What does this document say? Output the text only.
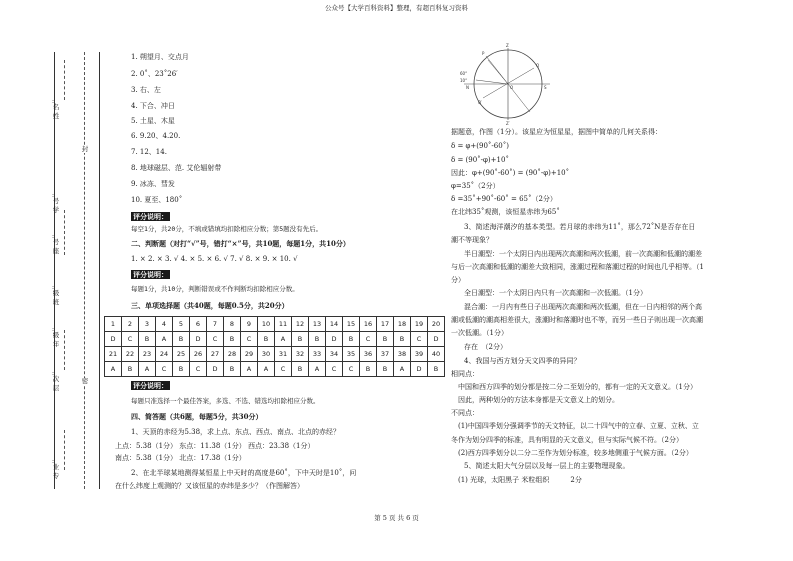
公众号【大学百科资料】整理，有超百科复习资料
第 5 页 共 6 页
:
名
姓
:
号
学
:
号
座
:
级
班
:
级
年
:
次
层
:
业
专
封
密
1. 朔望月、交点月
2. 0˚、23˚26′
3. 右、左
4. 下合、冲日
5. 土星、木星
6. 9.20、4.20.
7. 12、14.
8. 地球磁层、范. 艾伦辐射带
9. 冰冻、彗发
10. 夏至、180˚
评分说明：
每空1分，共20分，不填或错填均扣除相应分数；第5题没有先后。
二、判断题（对打“√”号，错打“×”号，共10题，每题1分，共10分）
1. × 2. × 3. √ 4. × 5. × 6. √ 7. √ 8. × 9. × 10. √
评分说明：
每题1分，共10分，判断错误或不作判断均扣除相应分数。
三、单项选择题（共40题，每题0.5分，共20分）
1	2	3	4	5	6	7	8	9	10	11	12	13	14	15	16	17	18	19	20
D	C	B	A	B	D	C	B	C	B	A	B	B	D	B	C	B	B	C	D
21	22	23	24	25	26	27	28	29	30	31	32	33	34	35	36	37	38	39	40
A	B	A	C	B	C	D	B	A	A	C	B	A	C	C	B	B	A	D	B
评分说明：
每题只准选择一个最佳答案，多选、不选、错选均扣除相应分数。
四、简答题（共6题，每题5分，共30分）
1、天顶的赤经为5.38，求上点、东点、西点、南点、北点的赤经？
上点：5.38（1分） 东点：11.38（1分） 西点：23.38（1分）
南点：5.38（1分） 北点：17.38（1分）
2、在北半球某地测得某恒星上中天时的高度是60˚，下中天时是10˚，问
在什么纬度上观测的？又该恒星的赤纬是多少？（作图解答）
Z
P
60°
10°
Q
N	S
O
Q′
Z′
据题意，作图（1分）。该星应为恒星星，据图中简单的几何关系得：
δ = φ+(90˚-60˚)
δ = (90˚-φ)+10˚
因此：φ+(90˚-60˚) = (90˚-φ)+10˚
φ=35˚（2分）
δ =35˚+90˚-60˚ = 65˚（2分）
在北纬35˚观测，该恒星赤纬为65˚
3、简述海洋潮汐的基本类型。若月球的赤纬为11˚，那么72˚N是否存在日
潮不等现象？
半日潮型：一个太阴日内出现两次高潮和两次低潮，前一次高潮和低潮的潮差
与后一次高潮和低潮的潮差大致相同，涨潮过程和落潮过程的时间也几乎相等。（1
分）
全日潮型：一个太阴日内只有一次高潮和一次低潮。（1分）
混合潮：一月内有些日子出现两次高潮和两次低潮，但在一日内相邻的两个高
潮或低潮的潮高相差很大，涨潮时和落潮时也不等，而另一些日子则出现一次高潮
一次低潮。（1分）
存在　（2分）
4、我国与西方划分天文四季的异同？
相同点：
中国和西方四季的划分都是按二分二至划分的，都有一定的天文意义。（1分）
因此，两种划分的方法本身都是天文意义上的划分。
不同点：
(1)中国四季划分强调季节的天文特征，以二十四气中的立春、立夏、立秋、立
冬作为划分四季的标准，具有明显的天文意义，但与实际气候不符。（2分）
(2)西方四季划分以二分二至作为划分标准，较多地侧重于气候方面。（2分）
5、简述太阳大气分层以及每一层上的主要物理现象。
(1) 光球，太阳黑子 米粒组织　　　2分
